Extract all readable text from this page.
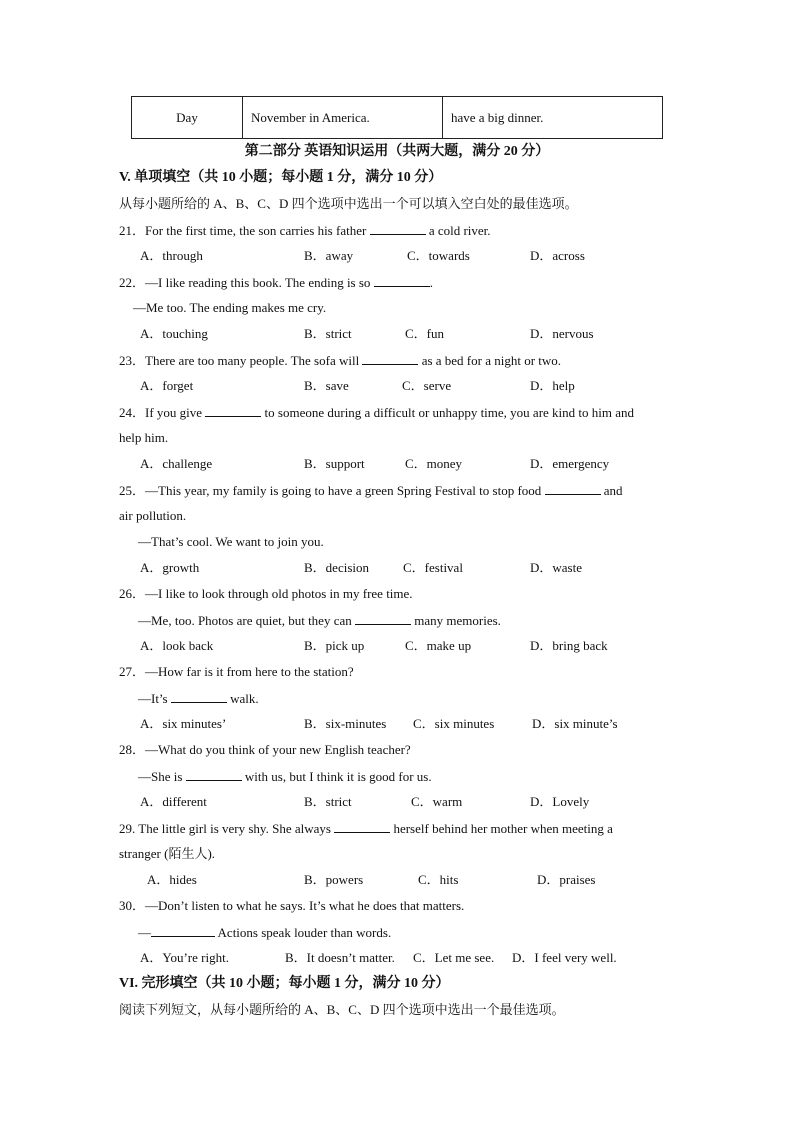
Day	November in America.	have a big dinner.
第二部分 英语知识运用（共两大题，满分 20 分）
V. 单项填空（共 10 小题；每小题 1 分，满分 10 分）
从每小题所给的 A、B、C、D 四个选项中选出一个可以填入空白处的最佳选项。
21．For the first time, the son carries his father	a cold river.
A．through	B．away	C．towards	D．across
22．—I like reading this book. The ending is so	.
—Me too. The ending makes me cry.
A．touching	B．strict	C．fun	D．nervous
23．There are too many people. The sofa will	as a bed for a night or two.
A．forget	B．save	C．serve	D．help
24．If you give	to someone during a difficult or unhappy time, you are kind to him and
help him.
A．challenge	B．support	C．money	D．emergency
25．—This year, my family is going to have a green Spring Festival to stop food	and
air pollution.
—That’s cool. We want to join you.
A．growth	B．decision	C．festival	D．waste
26．—I like to look through old photos in my free time.
—Me, too. Photos are quiet, but they can	many memories.
A．look back	B．pick up	C．make up	D．bring back
27．—How far is it from here to the station?
—It’s	walk.
A．six minutes’	B．six-minutes C．six minutes	D．six minute’s
28．—What do you think of your new English teacher?
—She is	with us, but I think it is good for us.
A．different	B．strict	C．warm	D．Lovely
29. The little girl is very shy. She always	herself behind her mother when meeting a
stranger (陌生人).
A．hides	B．powers	C．hits	D．praises
30．—Don’t listen to what he says. It’s what he does that matters.
—	Actions speak louder than words.
A．You’re right.	B．It doesn’t matter. C．Let me see. D．I feel very well.
VI. 完形填空（共 10 小题；每小题 1 分，满分 10 分）
阅读下列短文，从每小题所给的 A、B、C、D 四个选项中选出一个最佳选项。
